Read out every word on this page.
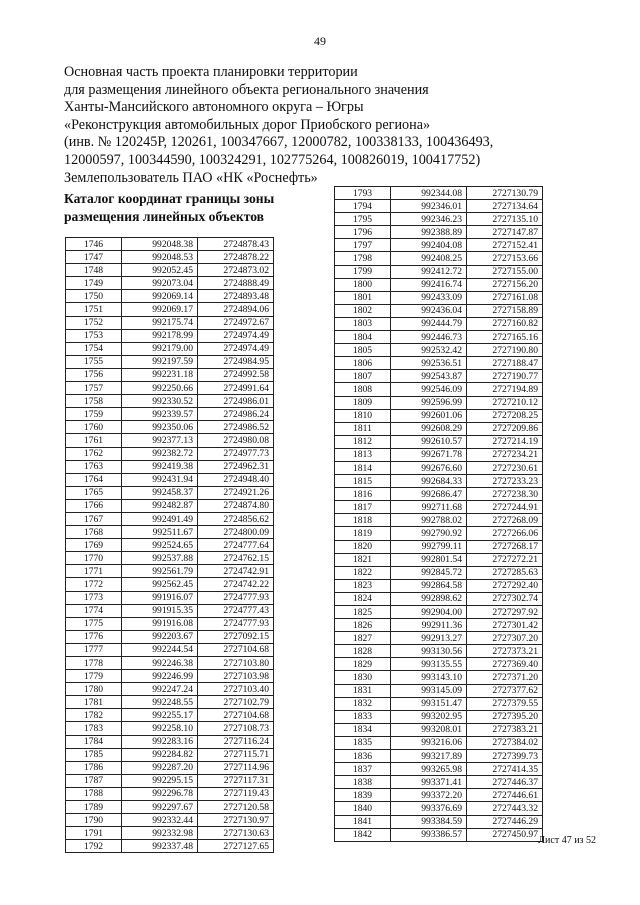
49
Основная часть проекта планировки территории
для размещения линейного объекта регионального значения
Ханты-Мансийского автономного округа – Югры
«Реконструкция автомобильных дорог Приобского региона»
(инв. № 120245Р, 120261, 100347667, 12000782, 100338133, 100436493,
12000597, 100344590, 100324291, 102775264, 100826019, 100417752)
Землепользователь ПАО «НК «Роснефть»
Каталог координат границы зоны
размещения линейных объектов
1746	992048.38	2724878.43
1747	992048.53	2724878.22
1748	992052.45	2724873.02
1749	992073.04	2724888.49
1750	992069.14	2724893.48
1751	992069.17	2724894.06
1752	992175.74	2724972.67
1753	992178.99	2724974.49
1754	992179.00	2724974.49
1755	992197.59	2724984.95
1756	992231.18	2724992.58
1757	992250.66	2724991.64
1758	992330.52	2724986.01
1759	992339.57	2724986.24
1760	992350.06	2724986.52
1761	992377.13	2724980.08
1762	992382.72	2724977.73
1763	992419.38	2724962.31
1764	992431.94	2724948.40
1765	992458.37	2724921.26
1766	992482.87	2724874.80
1767	992491.49	2724856.62
1768	992511.67	2724800.09
1769	992524.65	2724777.64
1770	992537.88	2724762.15
1771	992561.79	2724742.91
1772	992562.45	2724742.22
1773	991916.07	2724777.93
1774	991915.35	2724777.43
1775	991916.08	2724777.93
1776	992203.67	2727092.15
1777	992244.54	2727104.68
1778	992246.38	2727103.80
1779	992246.99	2727103.98
1780	992247.24	2727103.40
1781	992248.55	2727102.79
1782	992255.17	2727104.68
1783	992258.10	2727108.73
1784	992283.16	2727116.24
1785	992284.82	2727115.71
1786	992287.20	2727114.96
1787	992295.15	2727117.31
1788	992296.78	2727119.43
1789	992297.67	2727120.58
1790	992332.44	2727130.97
1791	992332.98	2727130.63
1792	992337.48	2727127.65
1793	992344.08	2727130.79
1794	992346.01	2727134.64
1795	992346.23	2727135.10
1796	992388.89	2727147.87
1797	992404.08	2727152.41
1798	992408.25	2727153.66
1799	992412.72	2727155.00
1800	992416.74	2727156.20
1801	992433.09	2727161.08
1802	992436.04	2727158.89
1803	992444.79	2727160.82
1804	992446.73	2727165.16
1805	992532.42	2727190.80
1806	992536.51	2727188.47
1807	992543.87	2727190.77
1808	992546.09	2727194.89
1809	992596.99	2727210.12
1810	992601.06	2727208.25
1811	992608.29	2727209.86
1812	992610.57	2727214.19
1813	992671.78	2727234.21
1814	992676.60	2727230.61
1815	992684.33	2727233.23
1816	992686.47	2727238.30
1817	992711.68	2727244.91
1818	992788.02	2727268.09
1819	992790.92	2727266.06
1820	992799.11	2727268.17
1821	992801.54	2727272.21
1822	992845.72	2727285.63
1823	992864.58	2727292.40
1824	992898.62	2727302.74
1825	992904.00	2727297.92
1826	992911.36	2727301.42
1827	992913.27	2727307.20
1828	993130.56	2727373.21
1829	993135.55	2727369.40
1830	993143.10	2727371.20
1831	993145.09	2727377.62
1832	993151.47	2727379.55
1833	993202.95	2727395.20
1834	993208.01	2727383.21
1835	993216.06	2727384.02
1836	993217.89	2727399.73
1837	993265.98	2727414.35
1838	993371.41	2727446.37
1839	993372.20	2727446.61
1840	993376.69	2727443.32
1841	993384.59	2727446.29
1842	993386.57	2727450.97
Лист 47 из 52
